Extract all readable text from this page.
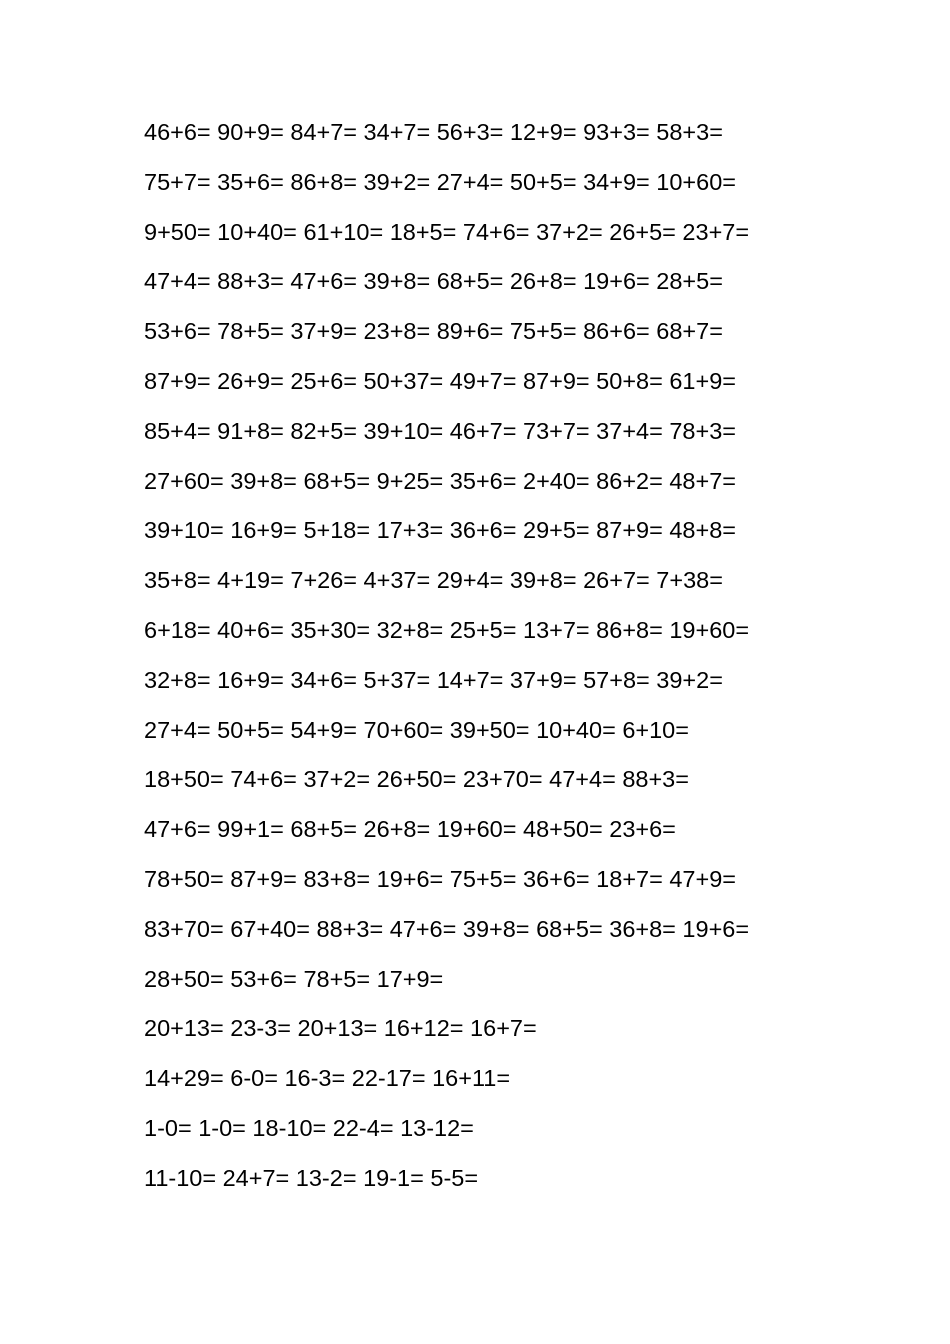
46+6= 90+9= 84+7= 34+7= 56+3= 12+9= 93+3= 58+3=
75+7= 35+6= 86+8= 39+2= 27+4= 50+5= 34+9= 10+60=
9+50= 10+40= 61+10= 18+5= 74+6= 37+2= 26+5= 23+7=
47+4= 88+3= 47+6= 39+8= 68+5= 26+8= 19+6= 28+5=
53+6= 78+5= 37+9= 23+8= 89+6= 75+5= 86+6= 68+7=
87+9= 26+9= 25+6= 50+37= 49+7= 87+9= 50+8= 61+9=
85+4= 91+8= 82+5= 39+10= 46+7= 73+7= 37+4= 78+3=
27+60= 39+8= 68+5= 9+25= 35+6= 2+40= 86+2= 48+7=
39+10= 16+9= 5+18= 17+3= 36+6= 29+5= 87+9= 48+8=
35+8= 4+19= 7+26= 4+37= 29+4= 39+8= 26+7= 7+38=
6+18= 40+6= 35+30= 32+8= 25+5= 13+7= 86+8= 19+60=
32+8= 16+9= 34+6= 5+37= 14+7= 37+9= 57+8= 39+2=
27+4= 50+5= 54+9= 70+60= 39+50= 10+40= 6+10=
18+50= 74+6= 37+2= 26+50= 23+70= 47+4= 88+3=
47+6= 99+1= 68+5= 26+8= 19+60= 48+50= 23+6=
78+50= 87+9= 83+8= 19+6= 75+5= 36+6= 18+7= 47+9=
83+70= 67+40= 88+3= 47+6= 39+8= 68+5= 36+8= 19+6=
28+50= 53+6= 78+5= 17+9=
20+13= 23-3= 20+13= 16+12= 16+7=
14+29= 6-0= 16-3= 22-17= 16+11=
1-0= 1-0= 18-10= 22-4= 13-12=
11-10= 24+7= 13-2= 19-1= 5-5=
